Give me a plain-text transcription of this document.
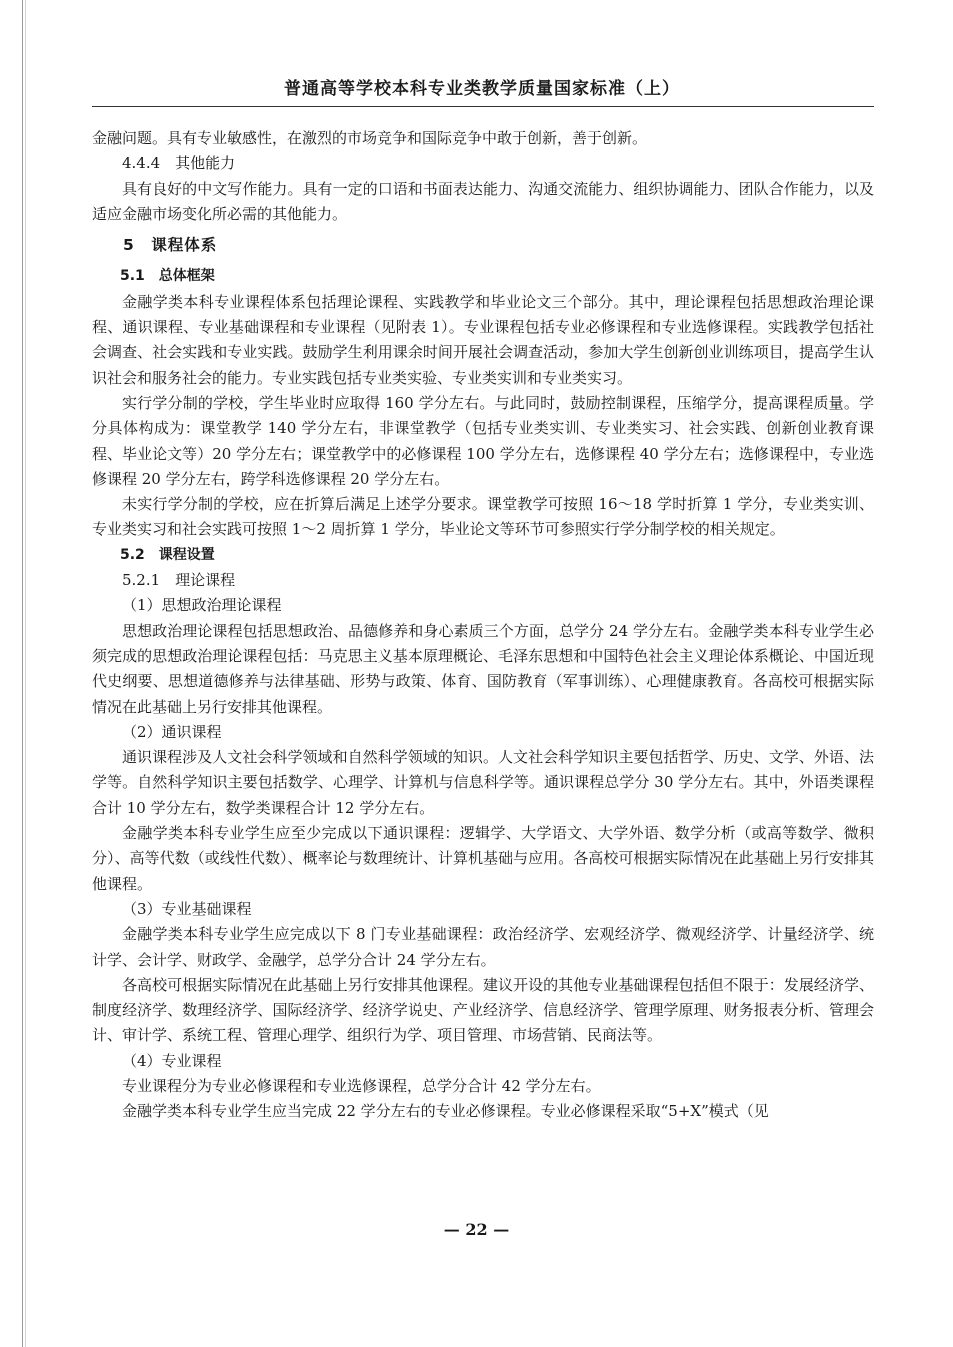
普通高等学校本科专业类教学质量国家标准（上）
金融问题。具有专业敏感性，在激烈的市场竞争和国际竞争中敢于创新，善于创新。
4.4.4　其他能力
具有良好的中文写作能力。具有一定的口语和书面表达能力、沟通交流能力、组织协调能力、团队合作能力，以及适应金融市场变化所必需的其他能力。
5　课程体系
5.1　总体框架
金融学类本科专业课程体系包括理论课程、实践教学和毕业论文三个部分。其中，理论课程包括思想政治理论课程、通识课程、专业基础课程和专业课程（见附表 1）。专业课程包括专业必修课程和专业选修课程。实践教学包括社会调查、社会实践和专业实践。鼓励学生利用课余时间开展社会调查活动，参加大学生创新创业训练项目，提高学生认识社会和服务社会的能力。专业实践包括专业类实验、专业类实训和专业类实习。
实行学分制的学校，学生毕业时应取得 160 学分左右。与此同时，鼓励控制课程，压缩学分，提高课程质量。学分具体构成为：课堂教学 140 学分左右，非课堂教学（包括专业类实训、专业类实习、社会实践、创新创业教育课程、毕业论文等）20 学分左右；课堂教学中的必修课程 100 学分左右，选修课程 40 学分左右；选修课程中，专业选修课程 20 学分左右，跨学科选修课程 20 学分左右。
未实行学分制的学校，应在折算后满足上述学分要求。课堂教学可按照 16～18 学时折算 1 学分，专业类实训、专业类实习和社会实践可按照 1～2 周折算 1 学分，毕业论文等环节可参照实行学分制学校的相关规定。
5.2　课程设置
5.2.1　理论课程
（1）思想政治理论课程
思想政治理论课程包括思想政治、品德修养和身心素质三个方面，总学分 24 学分左右。金融学类本科专业学生必须完成的思想政治理论课程包括：马克思主义基本原理概论、毛泽东思想和中国特色社会主义理论体系概论、中国近现代史纲要、思想道德修养与法律基础、形势与政策、体育、国防教育（军事训练）、心理健康教育。各高校可根据实际情况在此基础上另行安排其他课程。
（2）通识课程
通识课程涉及人文社会科学领域和自然科学领域的知识。人文社会科学知识主要包括哲学、历史、文学、外语、法学等。自然科学知识主要包括数学、心理学、计算机与信息科学等。通识课程总学分 30 学分左右。其中，外语类课程合计 10 学分左右，数学类课程合计 12 学分左右。
金融学类本科专业学生应至少完成以下通识课程：逻辑学、大学语文、大学外语、数学分析（或高等数学、微积分）、高等代数（或线性代数）、概率论与数理统计、计算机基础与应用。各高校可根据实际情况在此基础上另行安排其他课程。
（3）专业基础课程
金融学类本科专业学生应完成以下 8 门专业基础课程：政治经济学、宏观经济学、微观经济学、计量经济学、统计学、会计学、财政学、金融学，总学分合计 24 学分左右。
各高校可根据实际情况在此基础上另行安排其他课程。建议开设的其他专业基础课程包括但不限于：发展经济学、制度经济学、数理经济学、国际经济学、经济学说史、产业经济学、信息经济学、管理学原理、财务报表分析、管理会计、审计学、系统工程、管理心理学、组织行为学、项目管理、市场营销、民商法等。
（4）专业课程
专业课程分为专业必修课程和专业选修课程，总学分合计 42 学分左右。
金融学类本科专业学生应当完成 22 学分左右的专业必修课程。专业必修课程采取“5+X”模式（见
— 22 —
